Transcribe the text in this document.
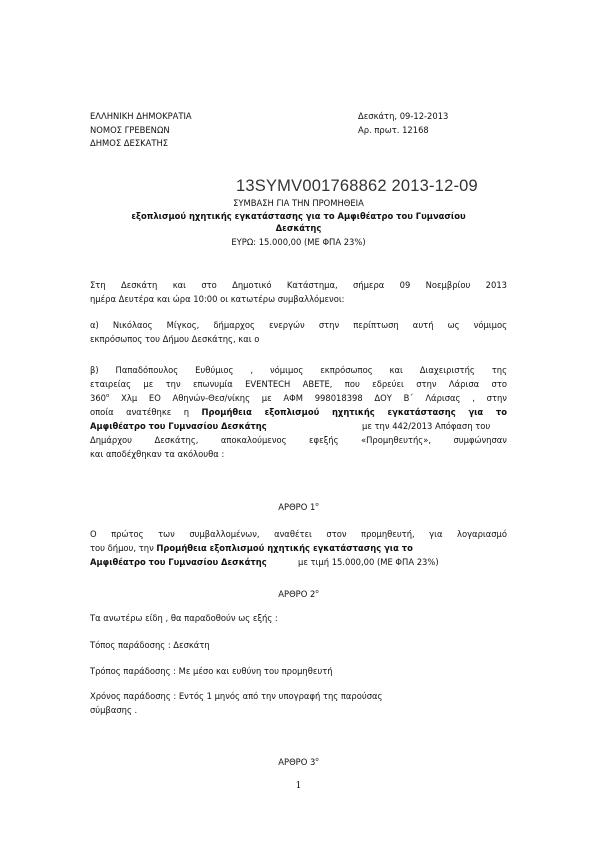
ΕΛΛΗΝΙΚΗ ΔΗΜΟΚΡΑΤΙΑ
ΝΟΜΟΣ ΓΡΕΒΕΝΩΝ
ΔΗΜΟΣ ΔΕΣΚΑΤΗΣ
Δεσκάτη, 09-12-2013
Αρ. πρωτ. 12168
13SYMV001768862 2013-12-09
ΣΥΜΒΑΣΗ ΓΙΑ ΤΗΝ ΠΡΟΜΗΘΕΙΑ
εξοπλισμού ηχητικής εγκατάστασης για το Αμφιθέατρο του Γυμνασίου
Δεσκάτης
ΕΥΡΩ: 15.000,00 (ΜΕ ΦΠΑ 23%)
Στη Δεσκάτη και στο Δημοτικό Κατάστημα, σήμερα 09 Νοεμβρίου 2013
ημέρα Δευτέρα και ώρα 10:00 οι κατωτέρω συμβαλλόμενοι:
α) Νικόλαος Μίγκος, δήμαρχος ενεργών στην περίπτωση αυτή ως νόμιμος
εκπρόσωπος του Δήμου Δεσκάτης, και ο
β) Παπαδόπουλος Ευθύμιος , νόμιμος εκπρόσωπος και Διαχειριστής της
εταιρείας με την επωνυμία EVENTECH ΑΒΕΤΕ, που εδρεύει στην Λάρισα στο
$360^o$ Χλμ ΕΟ Αθηνών-Θεσ/νίκης με ΑΦΜ 998018398 ΔΟΥ Β΄ Λάρισας , στην
οποία ανατέθηκε η Προμήθεια εξοπλισμού ηχητικής εγκατάστασης για το
Αμφιθέατρο του Γυμνασίου Δεσκάτης	με την 442/2013 Απόφαση του
Δημάρχου Δεσκάτης, αποκαλούμενος εφεξής «Προμηθευτής», συμφώνησαν
και αποδέχθηκαν τα ακόλουθα :
ΑΡΘΡΟ $1^o$
Ο πρώτος των συμβαλλομένων, αναθέτει στον προμηθευτή, για λογαριασμό
του δήμου, την Προμήθεια εξοπλισμού ηχητικής εγκατάστασης για το
Αμφιθέατρο του Γυμνασίου Δεσκάτης	με τιμή 15.000,00 (ΜΕ ΦΠΑ 23%)
ΑΡΘΡΟ $2^o$
Τα ανωτέρω είδη , θα παραδοθούν ως εξής :
Τόπος παράδοσης : Δεσκάτη
Τρόπος παράδοσης : Με μέσο και ευθύνη του προμηθευτή
Χρόνος παράδοσης : Εντός 1 μηνός από την υπογραφή της παρούσας
σύμβασης .
ΑΡΘΡΟ $3^o$
1
